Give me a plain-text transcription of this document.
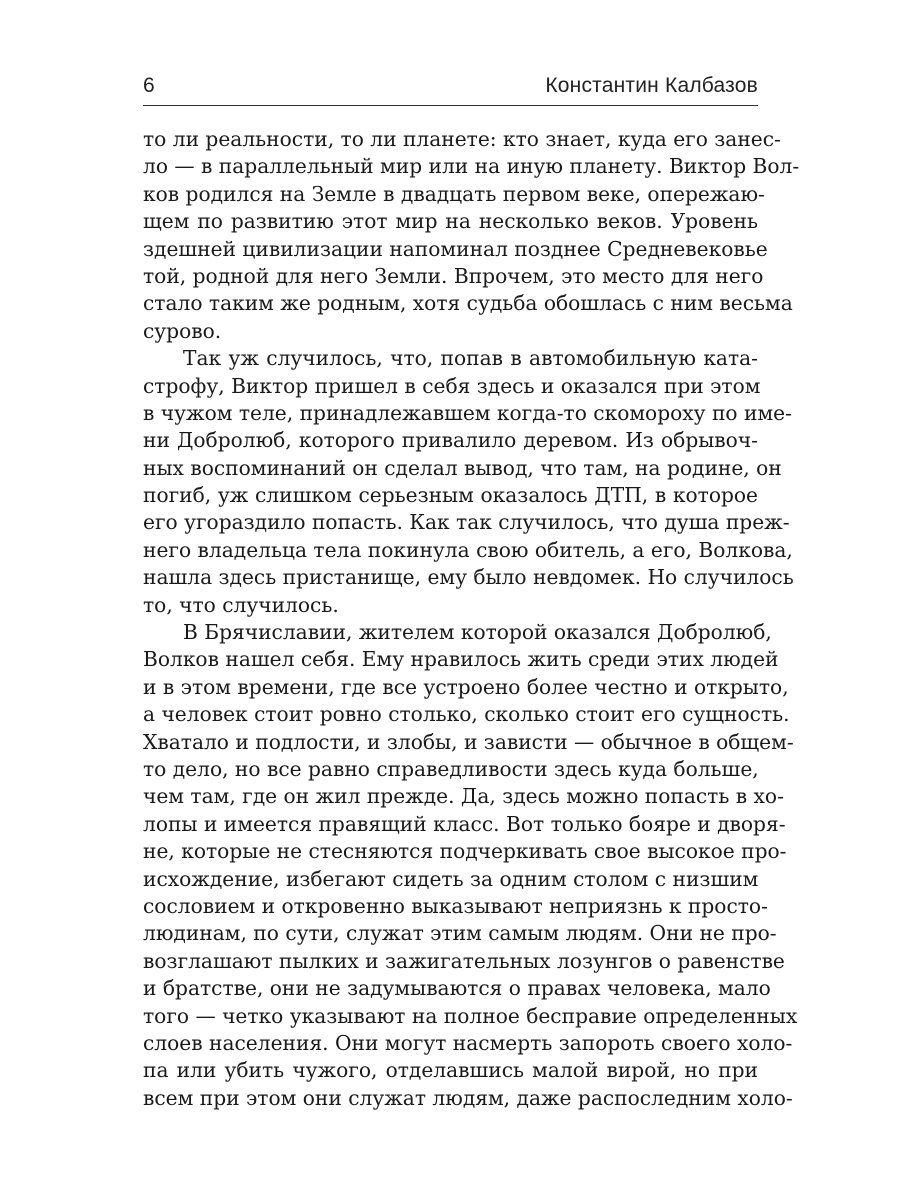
6	Константин Калбазов
то ли реальности, то ли планете: кто знает, куда его занес-
ло — в параллельный мир или на иную планету. Виктор Вол-
ков родился на Земле в двадцать первом веке, опережаю-
щем по развитию этот мир на несколько веков. Уровень
здешней цивилизации напоминал позднее Средневековье
той, родной для него Земли. Впрочем, это место для него
стало таким же родным, хотя судьба обошлась с ним весьма
сурово.
Так уж случилось, что, попав в автомобильную ката-
строфу, Виктор пришел в себя здесь и оказался при этом
в чужом теле, принадлежавшем когда-то скомороху по име-
ни Добролюб, которого привалило деревом. Из обрывоч-
ных воспоминаний он сделал вывод, что там, на родине, он
погиб, уж слишком серьезным оказалось ДТП, в которое
его угораздило попасть. Как так случилось, что душа преж-
него владельца тела покинула свою обитель, а его, Волкова,
нашла здесь пристанище, ему было невдомек. Но случилось
то, что случилось.
В Брячиславии, жителем которой оказался Добролюб,
Волков нашел себя. Ему нравилось жить среди этих людей
и в этом времени, где все устроено более честно и открыто,
а человек стоит ровно столько, сколько стоит его сущность.
Хватало и подлости, и злобы, и зависти — обычное в общем-
то дело, но все равно справедливости здесь куда больше,
чем там, где он жил прежде. Да, здесь можно попасть в хо-
лопы и имеется правящий класс. Вот только бояре и дворя-
не, которые не стесняются подчеркивать свое высокое про-
исхождение, избегают сидеть за одним столом с низшим
сословием и откровенно выказывают неприязнь к просто-
людинам, по сути, служат этим самым людям. Они не про-
возглашают пылких и зажигательных лозунгов о равенстве
и братстве, они не задумываются о правах человека, мало
того — четко указывают на полное бесправие определенных
слоев населения. Они могут насмерть запороть своего холо-
па или убить чужого, отделавшись малой вирой, но при
всем при этом они служат людям, даже распоследним холо-
